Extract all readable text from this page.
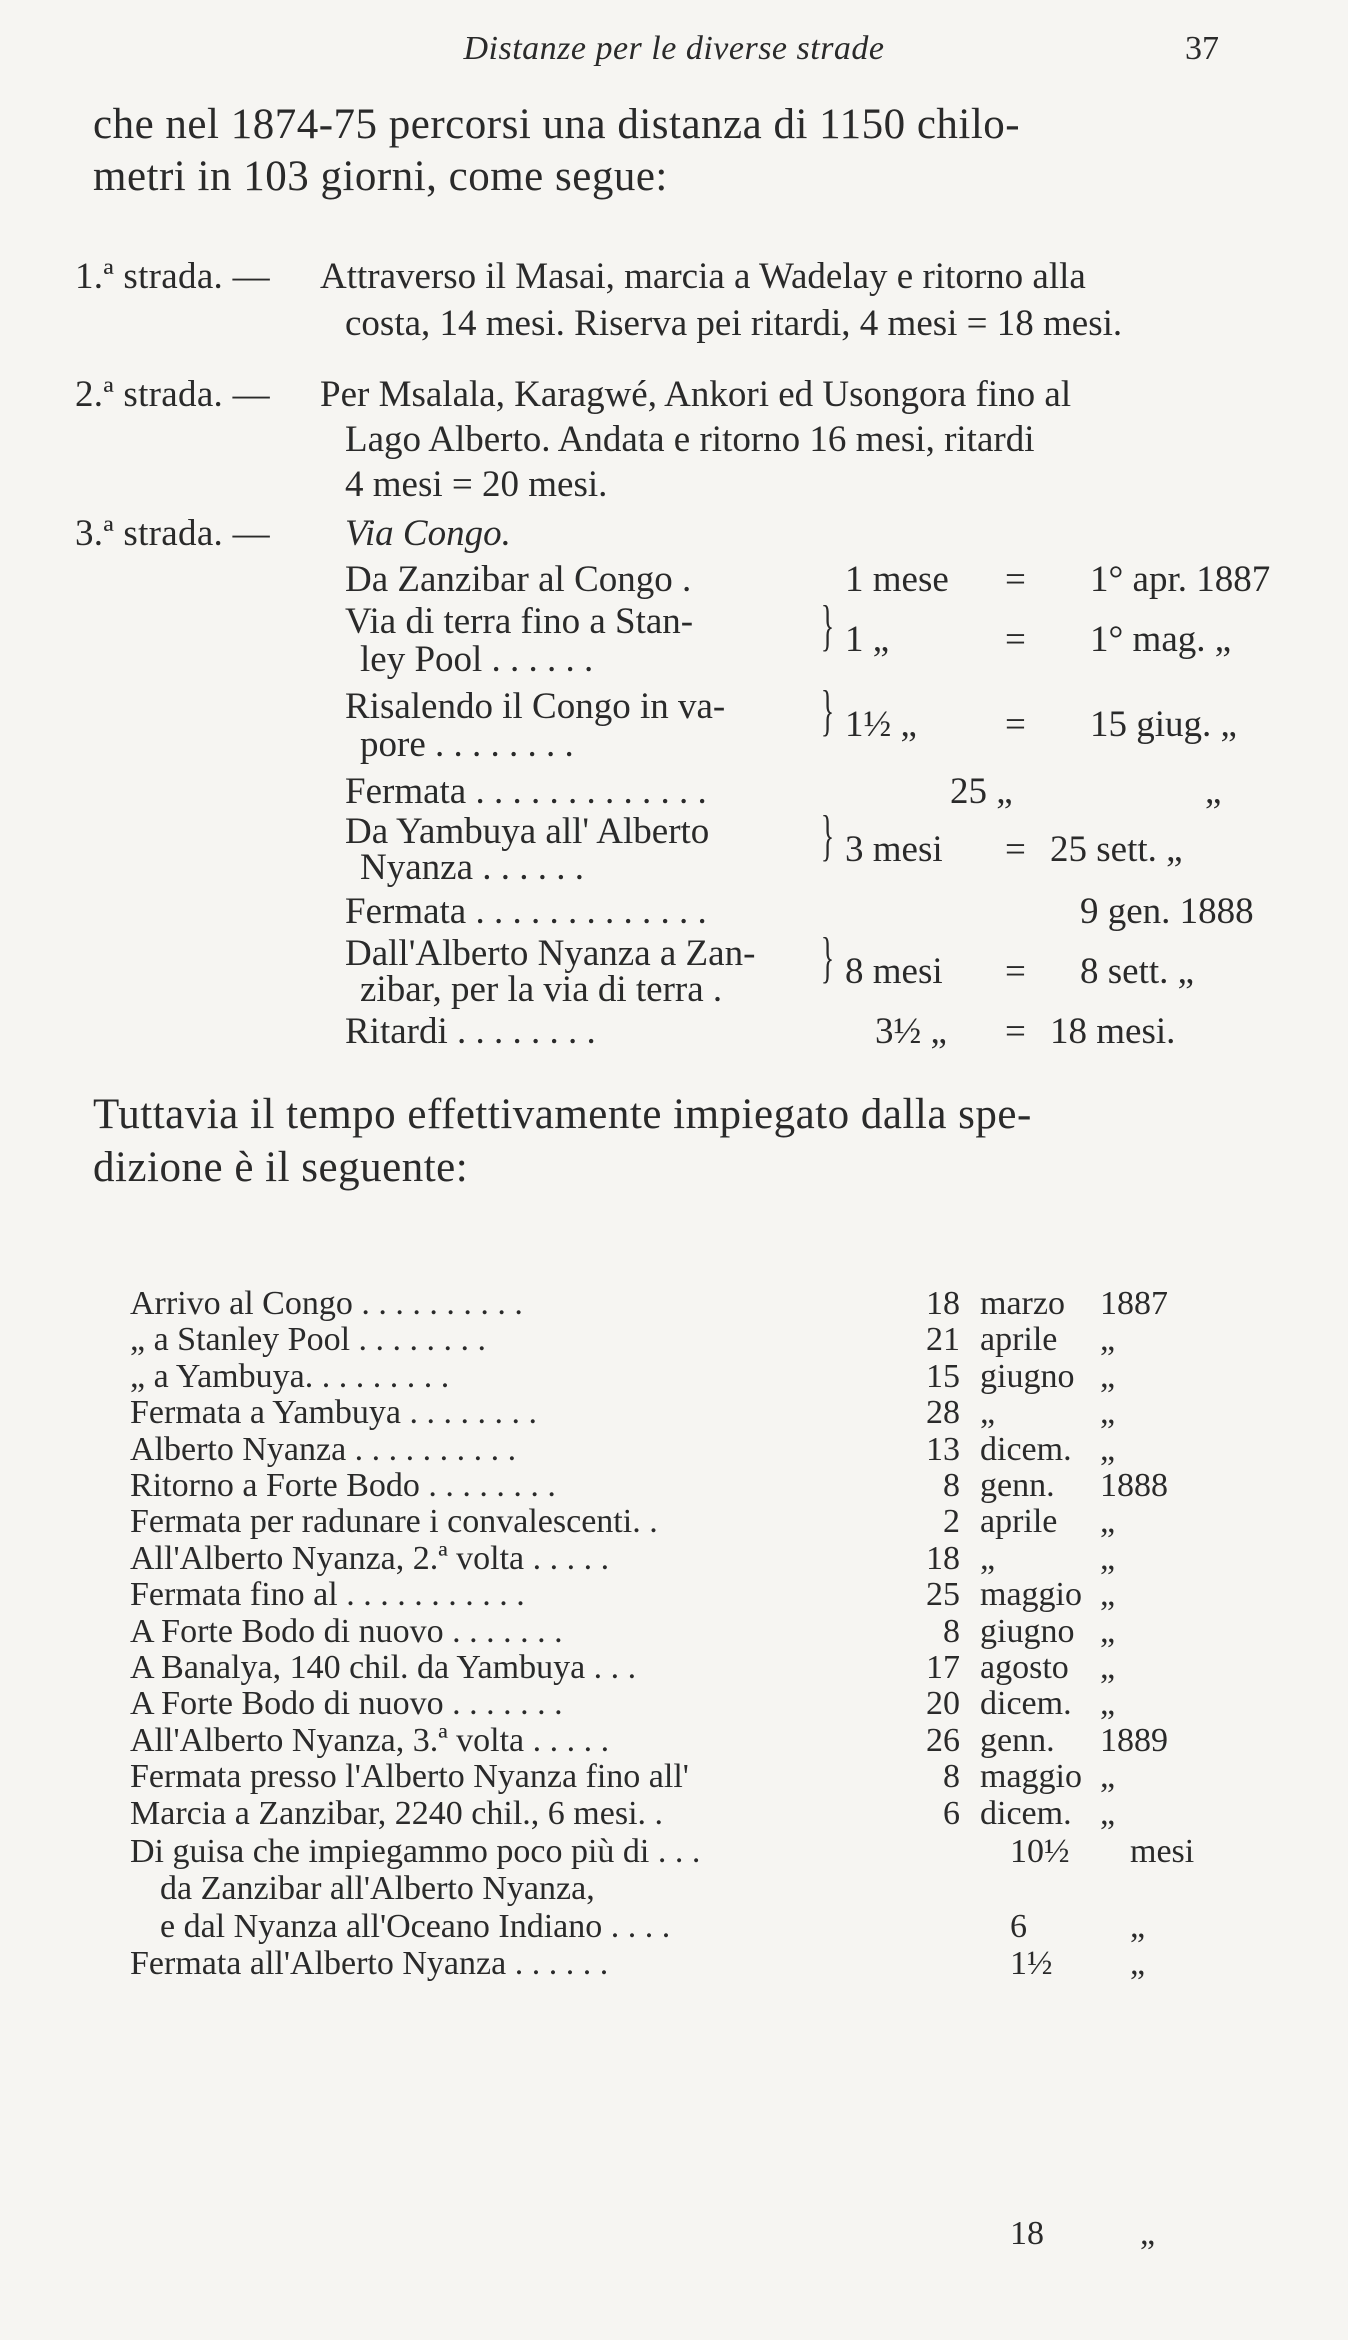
Distanze per le diverse strade	37
che nel 1874-75 percorsi una distanza di 1150 chilo-
metri in 103 giorni, come segue:
1.ª strada. — Attraverso il Masai, marcia a Wadelay e ritorno alla
costa, 14 mesi. Riserva pei ritardi, 4 mesi = 18 mesi.
2.ª strada. — Per Msalala, Karagwé, Ankori ed Usongora fino al
Lago Alberto. Andata e ritorno 16 mesi, ritardi
4 mesi = 20 mesi.
3.ª strada. — Via Congo.
Da Zanzibar al Congo .	1 mese = 1° apr. 1887
Via di terra fino a Stan-
ley Pool . . . . . .
} 1 „	= 1° mag. „
Risalendo il Congo in va-
pore . . . . . . . .
} 1½ „ = 15 giug. „
Fermata . . . . . . . . . . . . .	25 „	„
Da Yambuya all' Alberto
Nyanza . . . . . .
} 3 mesi = 25 sett. „
Fermata . . . . . . . . . . . . .	9 gen. 1888
Dall'Alberto Nyanza a Zan-
zibar, per la via di terra .
} 8 mesi = 8 sett. „
Ritardi . . . . . . . .	3½ „ = 18 mesi.
Tuttavia il tempo effettivamente impiegato dalla spe-
dizione è il seguente:
Arrivo al Congo . . . . . . . . . .	18 marzo 1887
„ a Stanley Pool . . . . . . . .	21 aprile „
„ a Yambuya. . . . . . . . .	15 giugno „
Fermata a Yambuya . . . . . . . .	28 „	„
Alberto Nyanza . . . . . . . . . .	13 dicem. „
Ritorno a Forte Bodo . . . . . . . .	8 genn. 1888
Fermata per radunare i convalescenti. .	2 aprile „
All'Alberto Nyanza, 2.ª volta . . . . .	18 „	„
Fermata fino al . . . . . . . . . . .	25 maggio „
A Forte Bodo di nuovo . . . . . . .	8 giugno „
A Banalya, 140 chil. da Yambuya . . .	17 agosto „
A Forte Bodo di nuovo . . . . . . .	20 dicem. „
All'Alberto Nyanza, 3.ª volta . . . . .	26 genn. 1889
Fermata presso l'Alberto Nyanza fino all'	8 maggio „
Marcia a Zanzibar, 2240 chil., 6 mesi. .	6 dicem. „
Di guisa che impiegammo poco più di . . .	10½ mesi
da Zanzibar all'Alberto Nyanza,
e dal Nyanza all'Oceano Indiano . . . .	6	„
Fermata all'Alberto Nyanza . . . . . .	1½ „
18	„
